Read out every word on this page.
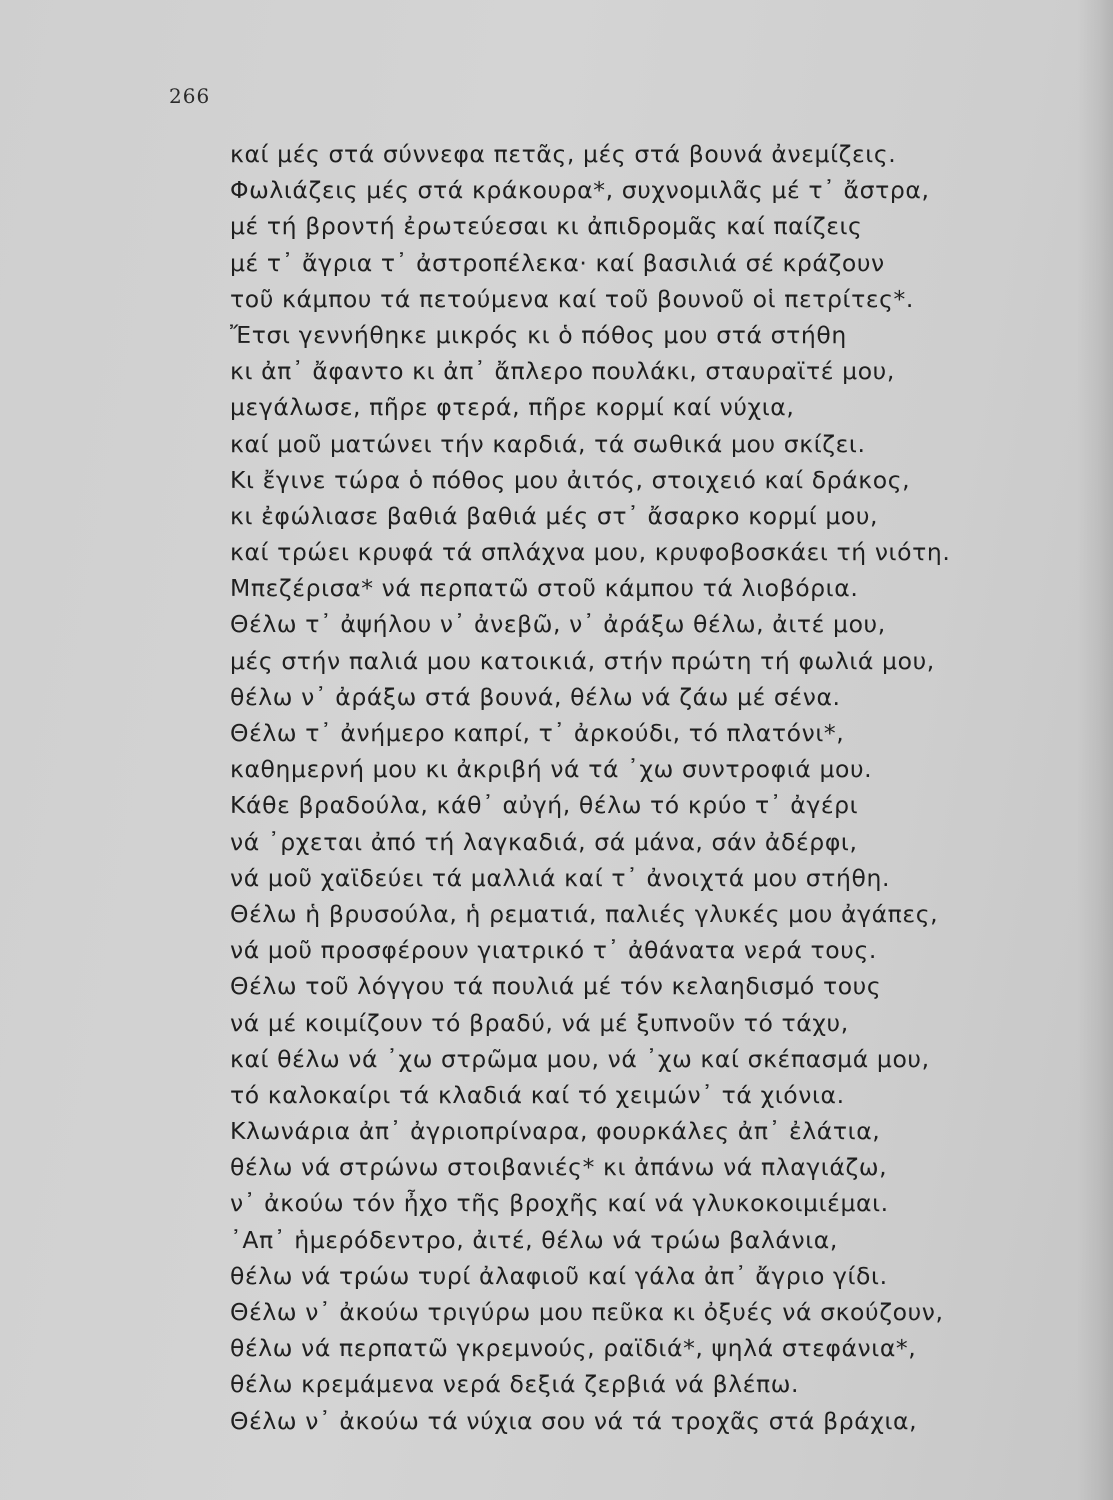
266
καί μές στά σύννεφα πετᾶς, μές στά βουνά ἀνεμίζεις.
Φωλιάζεις μές στά κράκουρα*, συχνομιλᾶς μέ τ᾽ ἄστρα,
μέ τή βροντή ἐρωτεύεσαι κι ἀπιδρομᾶς καί παίζεις
μέ τ᾽ ἄγρια τ᾽ ἀστροπέλεκα· καί βασιλιά σέ κράζουν
τοῦ κάμπου τά πετούμενα καί τοῦ βουνοῦ οἱ πετρίτες*.
Ἔτσι γεννήθηκε μικρός κι ὁ πόθος μου στά στήθη
κι ἀπ᾽ ἄφαντο κι ἀπ᾽ ἄπλερο πουλάκι, σταυραϊτέ μου,
μεγάλωσε, πῆρε φτερά, πῆρε κορμί καί νύχια,
καί μοῦ ματώνει τήν καρδιά, τά σωθικά μου σκίζει.
Κι ἔγινε τώρα ὁ πόθος μου ἀιτός, στοιχειό καί δράκος,
κι ἐφώλιασε βαθιά βαθιά μές στ᾽ ἄσαρκο κορμί μου,
καί τρώει κρυφά τά σπλάχνα μου, κρυφοβοσκάει τή νιότη.
Μπεζέρισα* νά περπατῶ στοῦ κάμπου τά λιοβόρια.
Θέλω τ᾽ ἀψήλου ν᾽ ἀνεβῶ, ν᾽ ἀράξω θέλω, ἀιτέ μου,
μές στήν παλιά μου κατοικιά, στήν πρώτη τή φωλιά μου,
θέλω ν᾽ ἀράξω στά βουνά, θέλω νά ζάω μέ σένα.
Θέλω τ᾽ ἀνήμερο καπρί, τ᾽ ἀρκούδι, τό πλατόνι*,
καθημερνή μου κι ἀκριβή νά τά ᾽χω συντροφιά μου.
Κάθε βραδούλα, κάθ᾽ αὐγή, θέλω τό κρύο τ᾽ ἀγέρι
νά ᾽ρχεται ἀπό τή λαγκαδιά, σά μάνα, σάν ἀδέρφι,
νά μοῦ χαϊδεύει τά μαλλιά καί τ᾽ ἀνοιχτά μου στήθη.
Θέλω ἡ βρυσούλα, ἡ ρεματιά, παλιές γλυκές μου ἀγάπες,
νά μοῦ προσφέρουν γιατρικό τ᾽ ἀθάνατα νερά τους.
Θέλω τοῦ λόγγου τά πουλιά μέ τόν κελαηδισμό τους
νά μέ κοιμίζουν τό βραδύ, νά μέ ξυπνοῦν τό τάχυ,
καί θέλω νά ᾽χω στρῶμα μου, νά ᾽χω καί σκέπασμά μου,
τό καλοκαίρι τά κλαδιά καί τό χειμών᾽ τά χιόνια.
Κλωνάρια ἀπ᾽ ἀγριοπρίναρα, φουρκάλες ἀπ᾽ ἐλάτια,
θέλω νά στρώνω στοιβανιές* κι ἀπάνω νά πλαγιάζω,
ν᾽ ἀκούω τόν ἦχο τῆς βροχῆς καί νά γλυκοκοιμιέμαι.
᾽Απ᾽ ἡμερόδεντρο, ἀιτέ, θέλω νά τρώω βαλάνια,
θέλω νά τρώω τυρί ἀλαφιοῦ καί γάλα ἀπ᾽ ἄγριο γίδι.
Θέλω ν᾽ ἀκούω τριγύρω μου πεῦκα κι ὀξυές νά σκούζουν,
θέλω νά περπατῶ γκρεμνούς, ραϊδιά*, ψηλά στεφάνια*,
θέλω κρεμάμενα νερά δεξιά ζερβιά νά βλέπω.
Θέλω ν᾽ ἀκούω τά νύχια σου νά τά τροχᾶς στά βράχια,
